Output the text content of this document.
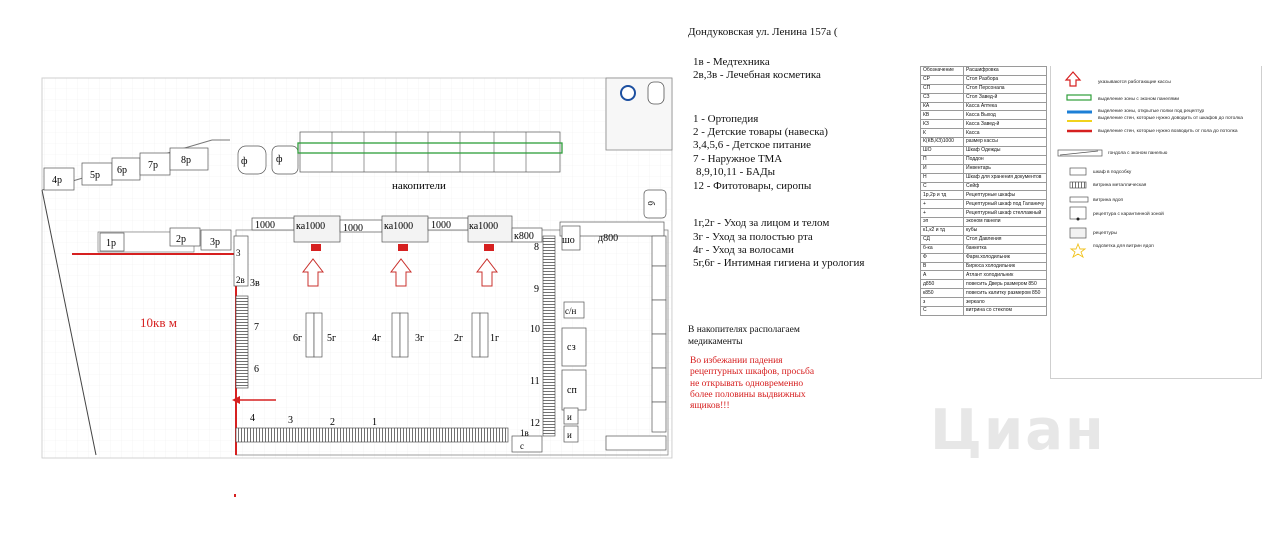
4р	5р 6р 7р 8р	ф	ф
накопители
б
1000 ка1000 1000 ка1000 1000 ка1000
к800
1р	2р 3р
10кв м
3
3в
2в
7
6
6г 5г	4г	3г	2г	1г
8
9
10
11
12
шо д800
с/н
сз
сп
и
и
4	3	2	1
1в
с
Дондуковская ул. Ленина 157а (
1в - Медтехника
2в,3в - Лечебная косметика
1 - Ортопедия
2 - Детские товары (навеска)
3,4,5,6 - Детское питание
7 - Наружное ТМА
8,9,10,11 - БАДы
12 - Фитотовары, сиропы
1г,2г - Уход за лицом и телом
3г - Уход за полостью рта
4г - Уход за волосами
5г,6г - Интимная гигиена и урология
В накопителях располагаем
медикаменты
Во избежании падения
рецептурных шкафов, просьба
не открывать одновременно
более половины выдвижных
ящиков!!!
Обозначение	Расшифровка
СР	Стол Разбора
СП	Стол Персонала
СЗ	Стол Завед-й
КА	Касса Аптека
КВ	Касса Выход
КЗ	Касса Завед-й
К	Касса
К(КВ,КЗ)1000	размер кассы
ШО	Шкаф Одежды
П	Поддон
И	Инвентарь
Н	Шкаф для хранения документов
С	Сейф
1р,2р и тд	Рецептурные шкафы
+	Рецептурный шкаф под Галаничу
+	Рецептурный шкаф стеллажный
эп	эконом панели
к1,к2 и тд	кубы
СД	Стол Давления
б-ка	банкетка
Ф	Фарм.холодильник
В	Бирюса холодильник
А	Атлант холодильник
д850	повесить Дверь размером 850
к850	повесить калитку размером 850
з	зеркало
С	витрина со стеклом
указываются работающие кассы
выделение зоны с эконом панелями
выделение зоны, открытые полки под рецептур
выделение стен, которые нужно доводить от шкафов до потолка
выделение стен, которые нужно возводить от пола до потолка
гондола с эконом панелью
шкаф в подсобку
витрина металлическая
витрина ядоп
рецептура с карантинной зоной
рецептуры
подсветка для витрин ядоп
Циан
